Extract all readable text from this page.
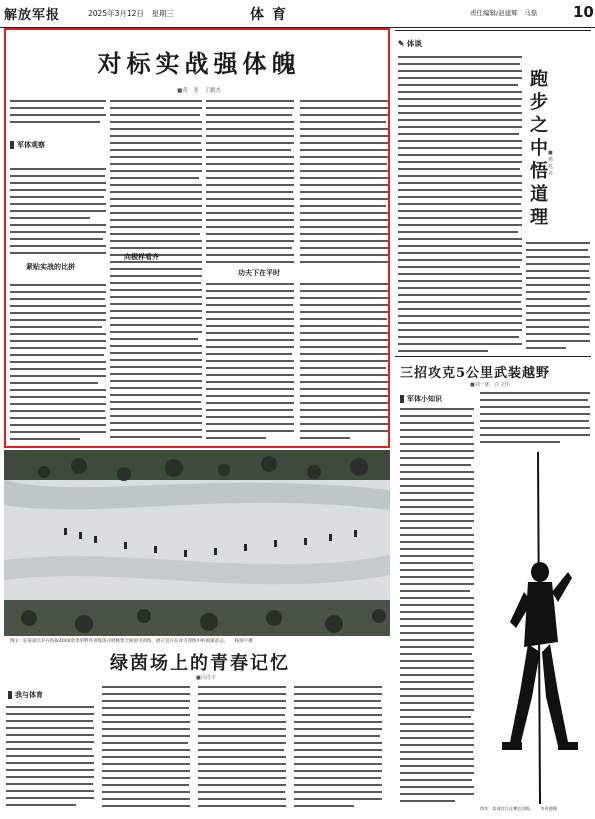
解放军报	2025年3月12日　星期三	体育	责任编辑/赵建辉　马磊 10
对标实战强体魄
■黄　张　王鹏杰
军体观察
紧贴实战的比拼
向极样看齐
功夫下在平时
图①：驻某部官兵在海拔4000余米的野外训练场开展极寒天候滑雪训练，展示官兵在冰雪训练中的顽强意志。　　杨海宇摄
绿茵场上的青春记忆
■冯肖宇
我与体育
✎ 体谈
跑步之中悟道理
■杨兆祥
三招攻克5公里武装越野
■刘一郎　汪文伟
军体小知识
图②：某部官兵在攀岩训练。　　李贵德摄
